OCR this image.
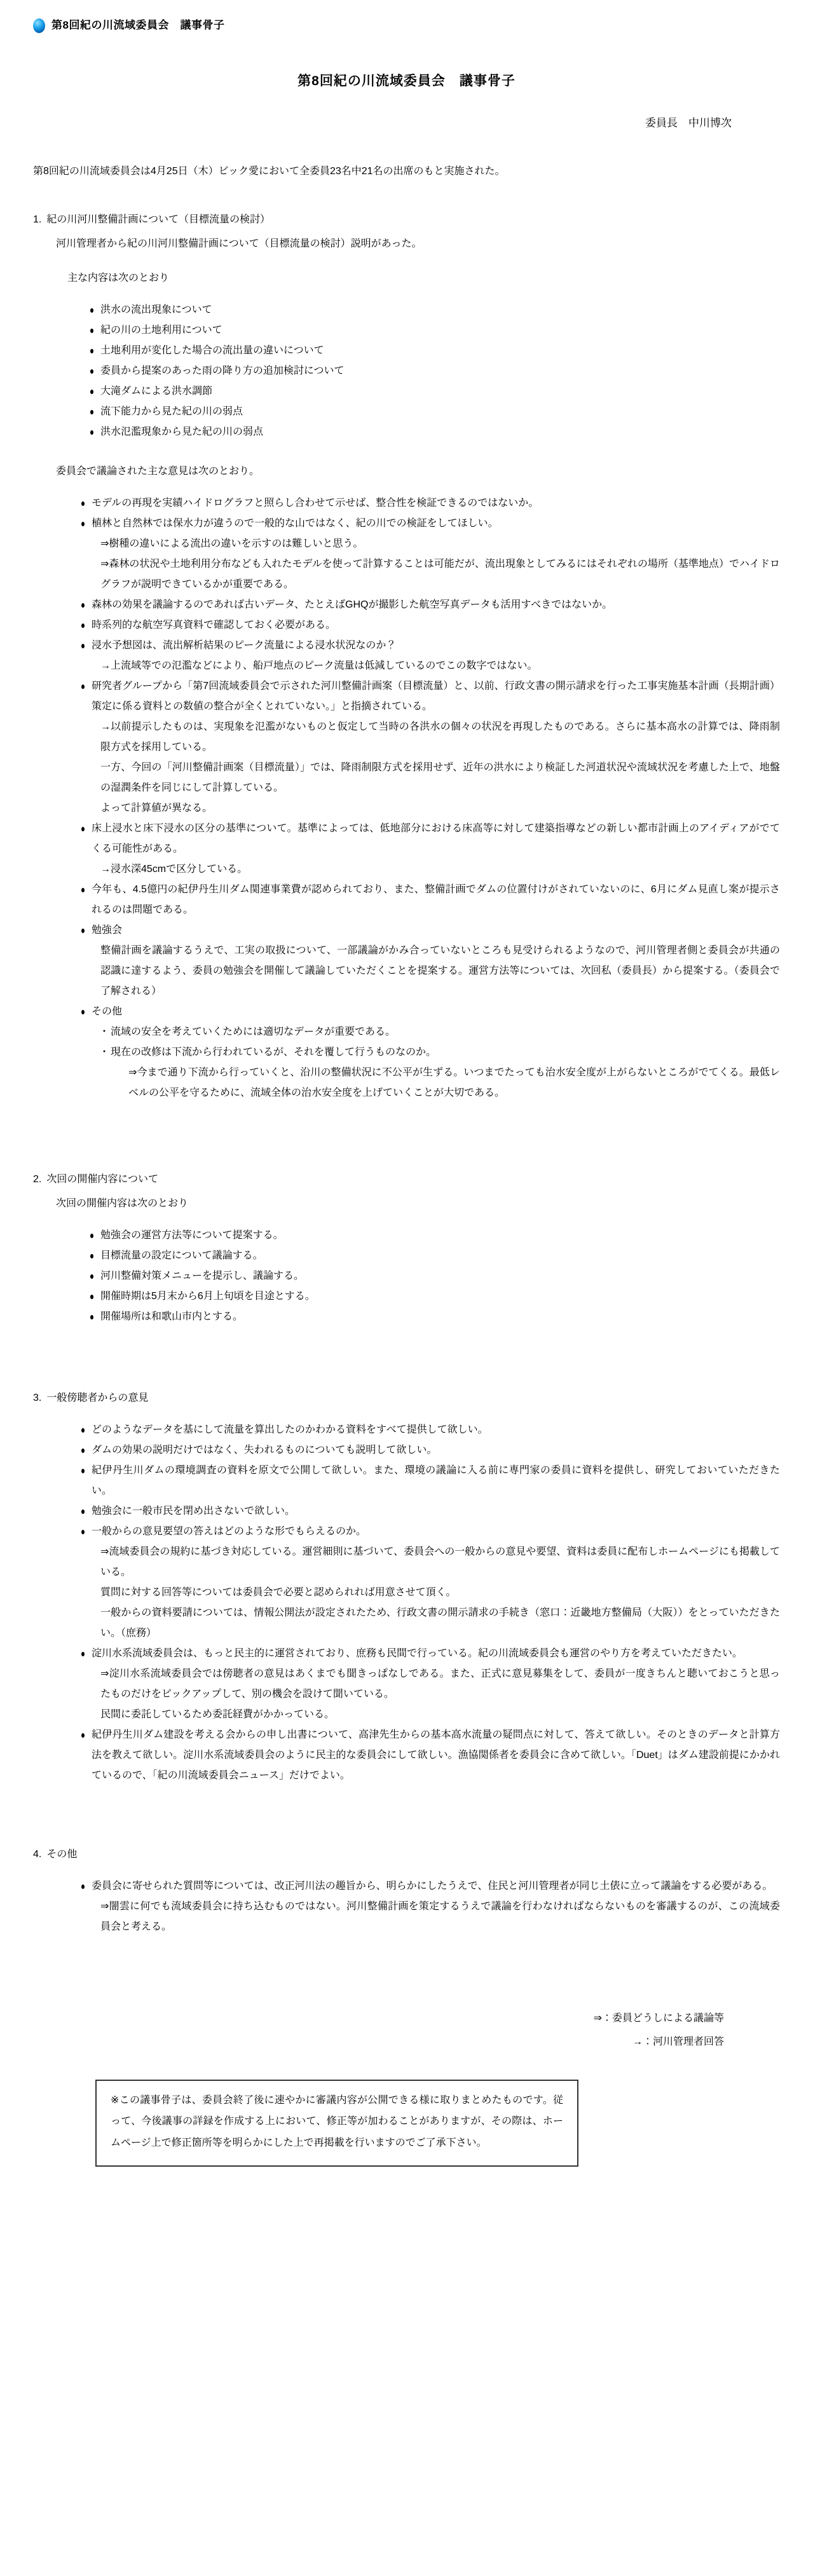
第8回紀の川流域委員会　議事骨子
第8回紀の川流域委員会　議事骨子
委員長　中川博次
第8回紀の川流域委員会は4月25日（木）ビック愛において全委員23名中21名の出席のもと実施された。
1. 紀の川河川整備計画について（目標流量の検討）
河川管理者から紀の川河川整備計画について（目標流量の検討）説明があった。
主な内容は次のとおり
洪水の流出現象について
紀の川の土地利用について
土地利用が変化した場合の流出量の違いについて
委員から提案のあった雨の降り方の追加検討について
大滝ダムによる洪水調節
流下能力から見た紀の川の弱点
洪水氾濫現象から見た紀の川の弱点
委員会で議論された主な意見は次のとおり。
モデルの再現を実績ハイドログラフと照らし合わせて示せば、整合性を検証できるのではないか。
植林と自然林では保水力が違うので一般的な山ではなく、紀の川での検証をしてほしい。
⇒樹種の違いによる流出の違いを示すのは難しいと思う。
⇒森林の状況や土地利用分布なども入れたモデルを使って計算することは可能だが、流出現象としてみるにはそれぞれの場所（基準地点）でハイドログラフが説明できているかが重要である。
森林の効果を議論するのであれば古いデータ、たとえばGHQが撮影した航空写真データも活用すべきではないか。
時系列的な航空写真資料で確認しておく必要がある。
浸水予想図は、流出解析結果のピーク流量による浸水状況なのか？
→上流域等での氾濫などにより、船戸地点のピーク流量は低減しているのでこの数字ではない。
研究者グループから「第7回流域委員会で示された河川整備計画案（目標流量）と、以前、行政文書の開示請求を行った工事実施基本計画（長期計画）策定に係る資料との数値の整合が全くとれていない。」と指摘されている。
→以前提示したものは、実現象を氾濫がないものと仮定して当時の各洪水の個々の状況を再現したものである。さらに基本高水の計算では、降雨制限方式を採用している。
一方、今回の「河川整備計画案（目標流量）」では、降雨制限方式を採用せず、近年の洪水により検証した河道状況や流域状況を考慮した上で、地盤の湿潤条件を同じにして計算している。
よって計算値が異なる。
床上浸水と床下浸水の区分の基準について。基準によっては、低地部分における床高等に対して建築指導などの新しい都市計画上のアイディアがでてくる可能性がある。
→浸水深45cmで区分している。
今年も、4.5億円の紀伊丹生川ダム関連事業費が認められており、また、整備計画でダムの位置付けがされていないのに、6月にダム見直し案が提示されるのは問題である。
勉強会
整備計画を議論するうえで、工実の取扱について、一部議論がかみ合っていないところも見受けられるようなので、河川管理者側と委員会が共通の認識に達するよう、委員の勉強会を開催して議論していただくことを提案する。運営方法等については、次回私（委員長）から提案する。（委員会で了解される）
その他
・ 流域の安全を考えていくためには適切なデータが重要である。
・ 現在の改修は下流から行われているが、それを覆して行うものなのか。
⇒今まで通り下流から行っていくと、沿川の整備状況に不公平が生ずる。いつまでたっても治水安全度が上がらないところがでてくる。最低レベルの公平を守るために、流域全体の治水安全度を上げていくことが大切である。
2. 次回の開催内容について
次回の開催内容は次のとおり
勉強会の運営方法等について提案する。
目標流量の設定について議論する。
河川整備対策メニューを提示し、議論する。
開催時期は5月末から6月上旬頃を目途とする。
開催場所は和歌山市内とする。
3. 一般傍聴者からの意見
どのようなデータを基にして流量を算出したのかわかる資料をすべて提供して欲しい。
ダムの効果の説明だけではなく、失われるものについても説明して欲しい。
紀伊丹生川ダムの環境調査の資料を原文で公開して欲しい。また、環境の議論に入る前に専門家の委員に資料を提供し、研究しておいていただきたい。
勉強会に一般市民を閉め出さないで欲しい。
一般からの意見要望の答えはどのような形でもらえるのか。
⇒流域委員会の規約に基づき対応している。運営細則に基づいて、委員会への一般からの意見や要望、資料は委員に配布しホームページにも掲載している。
質問に対する回答等については委員会で必要と認められれば用意させて頂く。
一般からの資料要請については、情報公開法が設定されたため、行政文書の開示請求の手続き（窓口：近畿地方整備局（大阪））をとっていただきたい。（庶務）
淀川水系流域委員会は、もっと民主的に運営されており、庶務も民間で行っている。紀の川流域委員会も運営のやり方を考えていただきたい。
⇒淀川水系流域委員会では傍聴者の意見はあくまでも聞きっぱなしである。また、正式に意見募集をして、委員が一度きちんと聴いておこうと思ったものだけをピックアップして、別の機会を設けて聞いている。
民間に委託しているため委託経費がかかっている。
紀伊丹生川ダム建設を考える会からの申し出書について、高津先生からの基本高水流量の疑問点に対して、答えて欲しい。そのときのデータと計算方法を教えて欲しい。淀川水系流域委員会のように民主的な委員会にして欲しい。漁協関係者を委員会に含めて欲しい。「Duet」はダム建設前提にかかれているので、「紀の川流域委員会ニュース」だけでよい。
4. その他
委員会に寄せられた質問等については、改正河川法の趣旨から、明らかにしたうえで、住民と河川管理者が同じ土俵に立って議論をする必要がある。
⇒闇雲に何でも流域委員会に持ち込むものではない。河川整備計画を策定するうえで議論を行わなければならないものを審議するのが、この流域委員会と考える。
⇒：委員どうしによる議論等
→：河川管理者回答
※この議事骨子は、委員会終了後に速やかに審議内容が公開できる様に取りまとめたものです。従って、今後議事の詳録を作成する上において、修正等が加わることがありますが、その際は、ホームページ上で修正箇所等を明らかにした上で再掲載を行いますのでご了承下さい。
